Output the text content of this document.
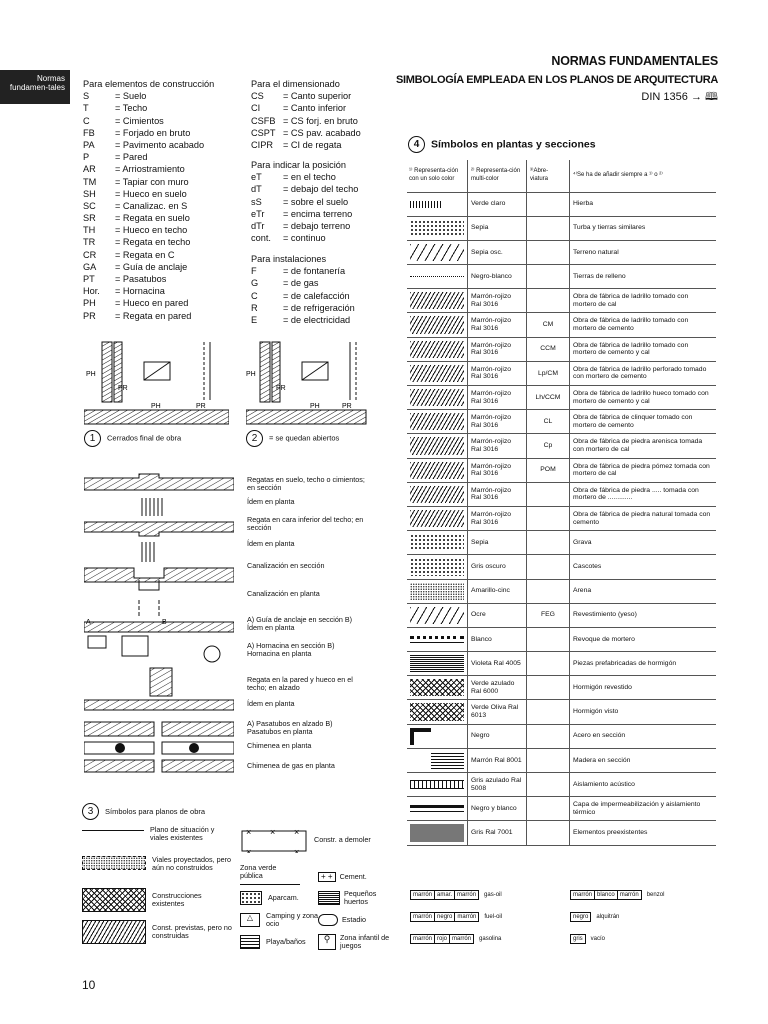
Normas fundamen-tales
NORMAS FUNDAMENTALES
SIMBOLOGÍA EMPLEADA EN LOS PLANOS DE ARQUITECTURA
DIN 1356 → 🕮
Para elementos de construcción
S	= Suelo
T	= Techo
C	= Cimientos
FB	= Forjado en bruto
PA	= Pavimento acabado
P	= Pared
AR	= Arriostramiento
TM	= Tapiar con muro
SH	= Hueco en suelo
SC	= Canalizac. en S
SR	= Regata en suelo
TH	= Hueco en techo
TR	= Regata en techo
CR	= Regata en C
GA	= Guía de anclaje
PT	= Pasatubos
Hor.	= Hornacina
PH	= Hueco en pared
PR	= Regata en pared
Para el dimensionado
CS	= Canto superior
CI	= Canto inferior
CSFB	= CS forj. en bruto
CSPT	= CS pav. acabado
CIPR	= CI de regata
Para indicar la posición
eT	= en el techo
dT	= debajo del techo
sS	= sobre el suelo
eTr	= encima terreno
dTr	= debajo terreno
cont.	= continuo
Para instalaciones
F	= de fontanería
G	= de gas
C	= de calefacción
R	= de refrigeración
E	= de electricidad
PH
PR
PH	PR
1 Cerrados final de obra
PH
PR
PH	PR
2 = se quedan abiertos
A	B
Regatas en suelo, techo o cimientos; en sección
Ídem en planta
Regata en cara inferior del techo; en sección
Ídem en planta
Canalización en sección
Canalización en planta
A) Guía de anclaje en sección B) Ídem en planta
A) Hornacina en sección B) Hornacina en planta
Regata en la pared y hueco en el techo; en alzado
Ídem en planta
A) Pasatubos en alzado B) Pasatubos en planta
Chimenea en planta
Chimenea de gas en planta
3 Símbolos para planos de obra
Plano de situación y viales existentes
Viales proyectados, pero aún no construidos
Construcciones existentes
Const. previstas, pero no construidas
× × ×
×	×
Constr. a demoler
Zona verde pública	+ + Cement.
Aparcam.	Pequeños huertos
△	Camping y zona ocio	Estadio
Playa/baños	⚲	Zona infantil de juegos
4 Símbolos en plantas y secciones
¹⁾ Representa-ción con un solo color	²⁾ Representa-ción multi-color	³⁾Abre-viatura	⁴⁾Se ha de añadir siempre a ¹⁾ o ²⁾

	Verde claro		Hierba

	Sepia		Turba y tierras similares

	Sepia osc.		Terreno natural

	Negro-blanco		Tierras de relleno

	Marrón-rojizo Ral 3016		Obra de fábrica de ladrillo tomado con mortero de cal

	Marrón-rojizo Ral 3016	CM	Obra de fábrica de ladrillo tomado con mortero de cemento

	Marrón-rojizo Ral 3016	CCM	Obra de fábrica de ladrillo tomado con mortero de cemento y cal

	Marrón-rojizo Ral 3016	Lp/CM	Obra de fábrica de ladrillo perforado tomado con mortero de cemento

	Marrón-rojizo Ral 3016	Lh/CCM	Obra de fábrica de ladrillo hueco tomado con mortero de cemento y cal

	Marrón-rojizo Ral 3016	CL	Obra de fábrica de clinquer tomado con mortero de cemento

	Marrón-rojizo Ral 3016	Cp	Obra de fábrica de piedra arenisca tomada con mortero de cal

	Marrón-rojizo Ral 3016	POM	Obra de fábrica de piedra pómez tomada con mortero de cal

	Marrón-rojizo Ral 3016		Obra de fábrica de piedra ..... tomada con mortero de .............

	Marrón-rojizo Ral 3016		Obra de fábrica de piedra natural tomada con cemento

	Sepia		Grava

	Gris oscuro		Cascotes

	Amarillo-cinc		Arena

	Ocre	FEG	Revestimiento (yeso)

	Blanco		Revoque de mortero

	Violeta Ral 4005		Piezas prefabricadas de hormigón

	Verde azulado Ral 6000		Hormigón revestido

	Verde Oliva Ral 6013		Hormigón visto

	Negro		Acero en sección

	Marrón Ral 8001		Madera en sección

	Gris azulado Ral 5008		Aislamiento acústico

	Negro y blanco		Capa de impermeabilización y aislamiento térmico

	Gris Ral 7001		Elementos preexistentes
marrón amar. marrón	gas-oil	marrón blanco marrón	benzol
marrón negro marrón	fuel-oil	negro	alquitrán
marrón rojo marrón	gasolina	gris	vacío
10
